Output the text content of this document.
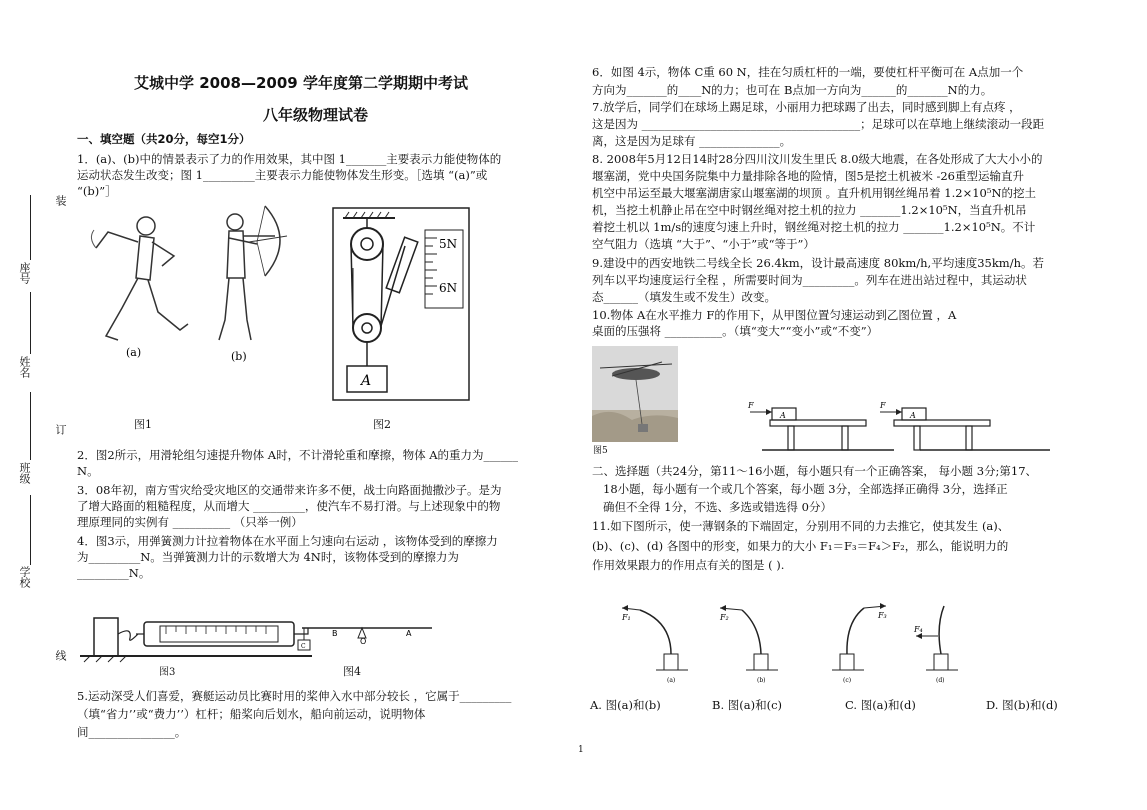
装
订
线
座号
姓名
班级
学校
艾城中学 2008—2009 学年度第二学期期中考试
八年级物理试卷
一、填空题（共20分，每空1分）
1．(a)、(b)中的情景表示了力的作用效果，其中图 1_______主要表示力能使物体的
运动状态发生改变；图 1_________主要表示力能使物体发生形变。［选填 “(a)”或
“(b)”］
(a)	(b)
A
5N
6N
图1	图2
2．图2所示，用滑轮组匀速提升物体 A时，不计滑轮重和摩擦，物体 A的重力为______
N。
3．08年初，南方雪灾给受灾地区的交通带来许多不便，战士向路面抛撒沙子。是为
了增大路面的粗糙程度，从而增大 _________，使汽车不易打滑。与上述现象中的物
理原理同的实例有 __________ （只举一例）
4．图3示，用弹簧测力计拉着物体在水平面上匀速向右运动 ，该物体受到的摩擦力
为_________N。当弹簧测力计的示数增大为 4N时，该物体受到的摩擦力为
_________N。
图3
C
B
O
A
图4
5.运动深受人们喜爱，赛艇运动员比赛时用的桨伸入水中部分较长 ，它属于_________
（填“省力’’或“费力’’）杠杆；船桨向后划水，船向前运动，说明物体
间_______________。
1
6．如图 4示，物体 C重 60 N，挂在匀质杠杆的一端，要使杠杆平衡可在 A点加一个
方向为_______的____N的力；也可在 B点加一方向为______的_______N的力。
7.放学后，同学们在球场上踢足球，小丽用力把球踢了出去，同时感到脚上有点疼 ，
这是因为 ______________________________________；足球可以在草地上继续滚动一段距
离，这是因为足球有 ______________。
8. 2008年5月12日14时28分四川汶川发生里氏 8.0级大地震，在各处形成了大大小小的
堰塞湖，党中央国务院集中力量排除各地的险情，图5是挖土机被米 -26重型运输直升
机空中吊运至最大堰塞湖唐家山堰塞湖的坝顶 。直升机用钢丝绳吊着 1.2×10⁵N的挖土
机，当挖土机静止吊在空中时钢丝绳对挖土机的拉力 _______1.2×10⁵N，当直升机吊
着挖土机以 1m/s的速度匀速上升时，钢丝绳对挖土机的拉力 _______1.2×10⁵N。不计
空气阻力（选填 “大于”、“小于”或“等于”）
9.建设中的西安地铁二号线全长 26.4km，设计最高速度 80km/h,平均速度35km/h。若
列车以平均速度运行全程 ，所需要时间为_________。列车在进出站过程中，其运动状
态______（填发生或不发生）改变。
10.物体 A在水平推力 F的作用下，从甲图位置匀速运动到乙图位置 ，A
桌面的压强将 __________。（填“变大”“变小”或“不变”）
F
A
F
A
图5
二、选择题（共24分，第11～16小题，每小题只有一个正确答案， 每小题 3分;第17、
18小题，每小题有一个或几个答案，每小题 3分，全部选择正确得 3分，选择正
确但不全得 1分，不选、多选或错选得 0分）
11.如下图所示，使一薄钢条的下端固定，分别用不同的力去推它，使其发生 (a)、
(b)、(c)、(d) 各图中的形变，如果力的大小 F₁＝F₃＝F₄＞F₂，那么，能说明力的
作用效果跟力的作用点有关的图是 ( ).
F₁
(a)
F₂
(b)
F₃
(c)
F₄
(d)
A. 图(a)和(b)	B. 图(a)和(c)	C. 图(a)和(d)	D. 图(b)和(d)
